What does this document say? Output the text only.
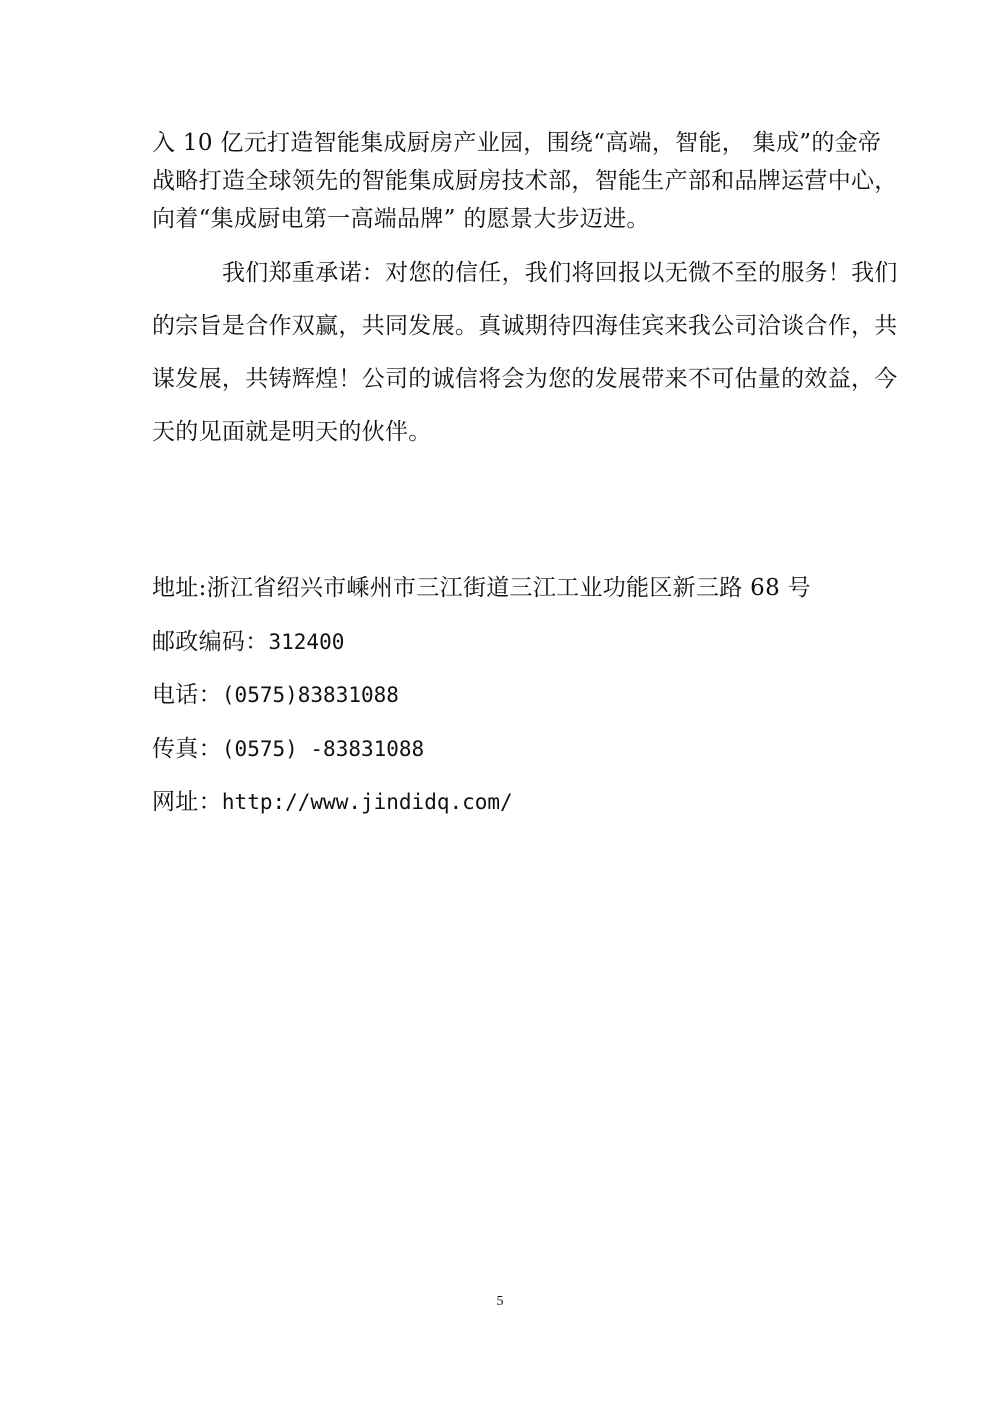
入 10 亿元打造智能集成厨房产业园，围绕“高端，智能， 集成”的金帝
战略打造全球领先的智能集成厨房技术部，智能生产部和品牌运营中心，
向着“集成厨电第一高端品牌” 的愿景大步迈进。
我们郑重承诺：对您的信任，我们将回报以无微不至的服务！我们
的宗旨是合作双赢，共同发展。真诚期待四海佳宾来我公司洽谈合作，共
谋发展，共铸辉煌！公司的诚信将会为您的发展带来不可估量的效益，今
天的见面就是明天的伙伴。
地址:浙江省绍兴市嵊州市三江街道三江工业功能区新三路 68 号
邮政编码：312400
电话：(0575)83831088
传真：(0575) -83831088
网址：http://www.jindidq.com/
5
